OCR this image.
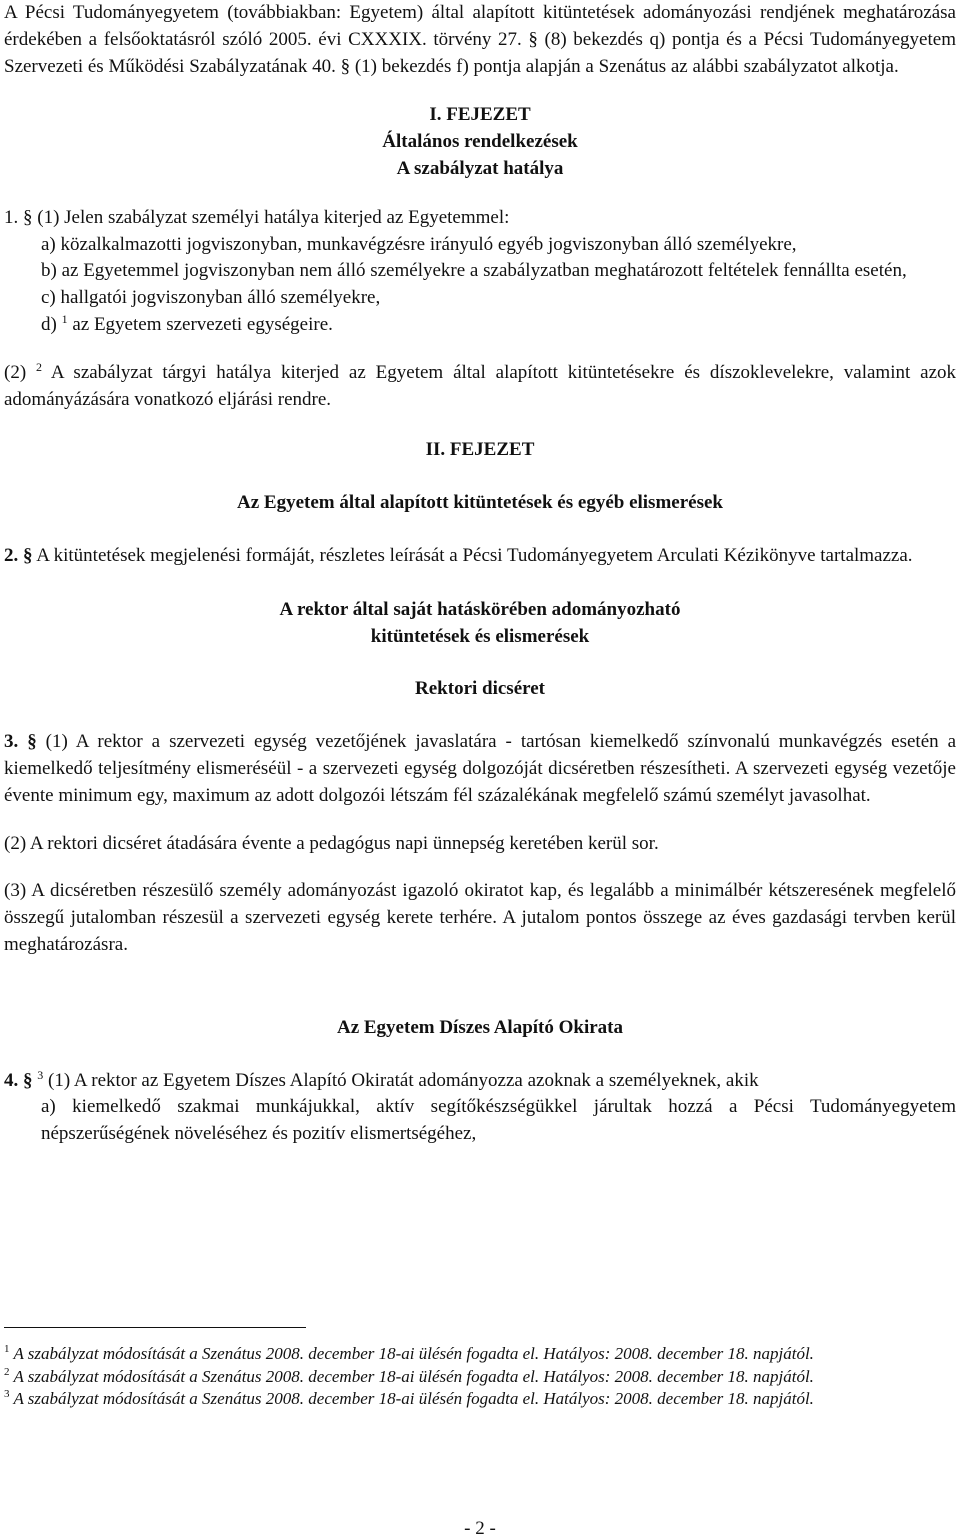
A Pécsi Tudományegyetem (továbbiakban: Egyetem) által alapított kitüntetések adományozási rendjének meghatározása érdekében a felsőoktatásról szóló 2005. évi CXXXIX. törvény 27. § (8) bekezdés q) pontja és a Pécsi Tudományegyetem Szervezeti és Működési Szabályzatának 40. § (1) bekezdés f) pontja alapján a Szenátus az alábbi szabályzatot alkotja.

I. FEJEZET

Általános rendelkezések

A szabályzat hatálya

1. § (1) Jelen szabályzat személyi hatálya kiterjed az Egyetemmel:

a) közalkalmazotti jogviszonyban, munkavégzésre irányuló egyéb jogviszonyban álló személyekre,

b) az Egyetemmel jogviszonyban nem álló személyekre a szabályzatban meghatározott feltételek fennállta esetén,

c) hallgatói jogviszonyban álló személyekre,

d) $^1$ az Egyetem szervezeti egységeire.

(2) $^2$ A szabályzat tárgyi hatálya kiterjed az Egyetem által alapított kitüntetésekre és díszoklevelekre, valamint azok adományázására vonatkozó eljárási rendre.

II. FEJEZET

Az Egyetem által alapított kitüntetések és egyéb elismerések

2. § A kitüntetések megjelenési formáját, részletes leírását a Pécsi Tudományegyetem Arculati Kézikönyve tartalmazza.

A rektor által saját hatáskörében adományozható

kitüntetések és elismerések

Rektori dicséret

3. § (1) A rektor a szervezeti egység vezetőjének javaslatára - tartósan kiemelkedő színvonalú munkavégzés esetén a kiemelkedő teljesítmény elismeréséül - a szervezeti egység dolgozóját dicséretben részesítheti. A szervezeti egység vezetője évente minimum egy, maximum az adott dolgozói létszám fél százalékának megfelelő számú személyt javasolhat.

(2) A rektori dicséret átadására évente a pedagógus napi ünnepség keretében kerül sor.

(3) A dicséretben részesülő személy adományozást igazoló okiratot kap, és legalább a minimálbér kétszeresének megfelelő összegű jutalomban részesül a szervezeti egység kerete terhére. A jutalom pontos összege az éves gazdasági tervben kerül meghatározásra.

Az Egyetem Díszes Alapító Okirata

4. § $^3$ (1) A rektor az Egyetem Díszes Alapító Okiratát adományozza azoknak a személyeknek, akik

a) kiemelkedő szakmai munkájukkal, aktív segítőkészségükkel járultak hozzá a Pécsi Tudományegyetem népszerűségének növeléséhez és pozitív elismertségéhez,

$^1$ A szabályzat módosítását a Szenátus 2008. december 18-ai ülésén fogadta el. Hatályos: 2008. december 18. napjától.

$^2$ A szabályzat módosítását a Szenátus 2008. december 18-ai ülésén fogadta el. Hatályos: 2008. december 18. napjától.

$^3$ A szabályzat módosítását a Szenátus 2008. december 18-ai ülésén fogadta el. Hatályos: 2008. december 18. napjától.

- 2 -
